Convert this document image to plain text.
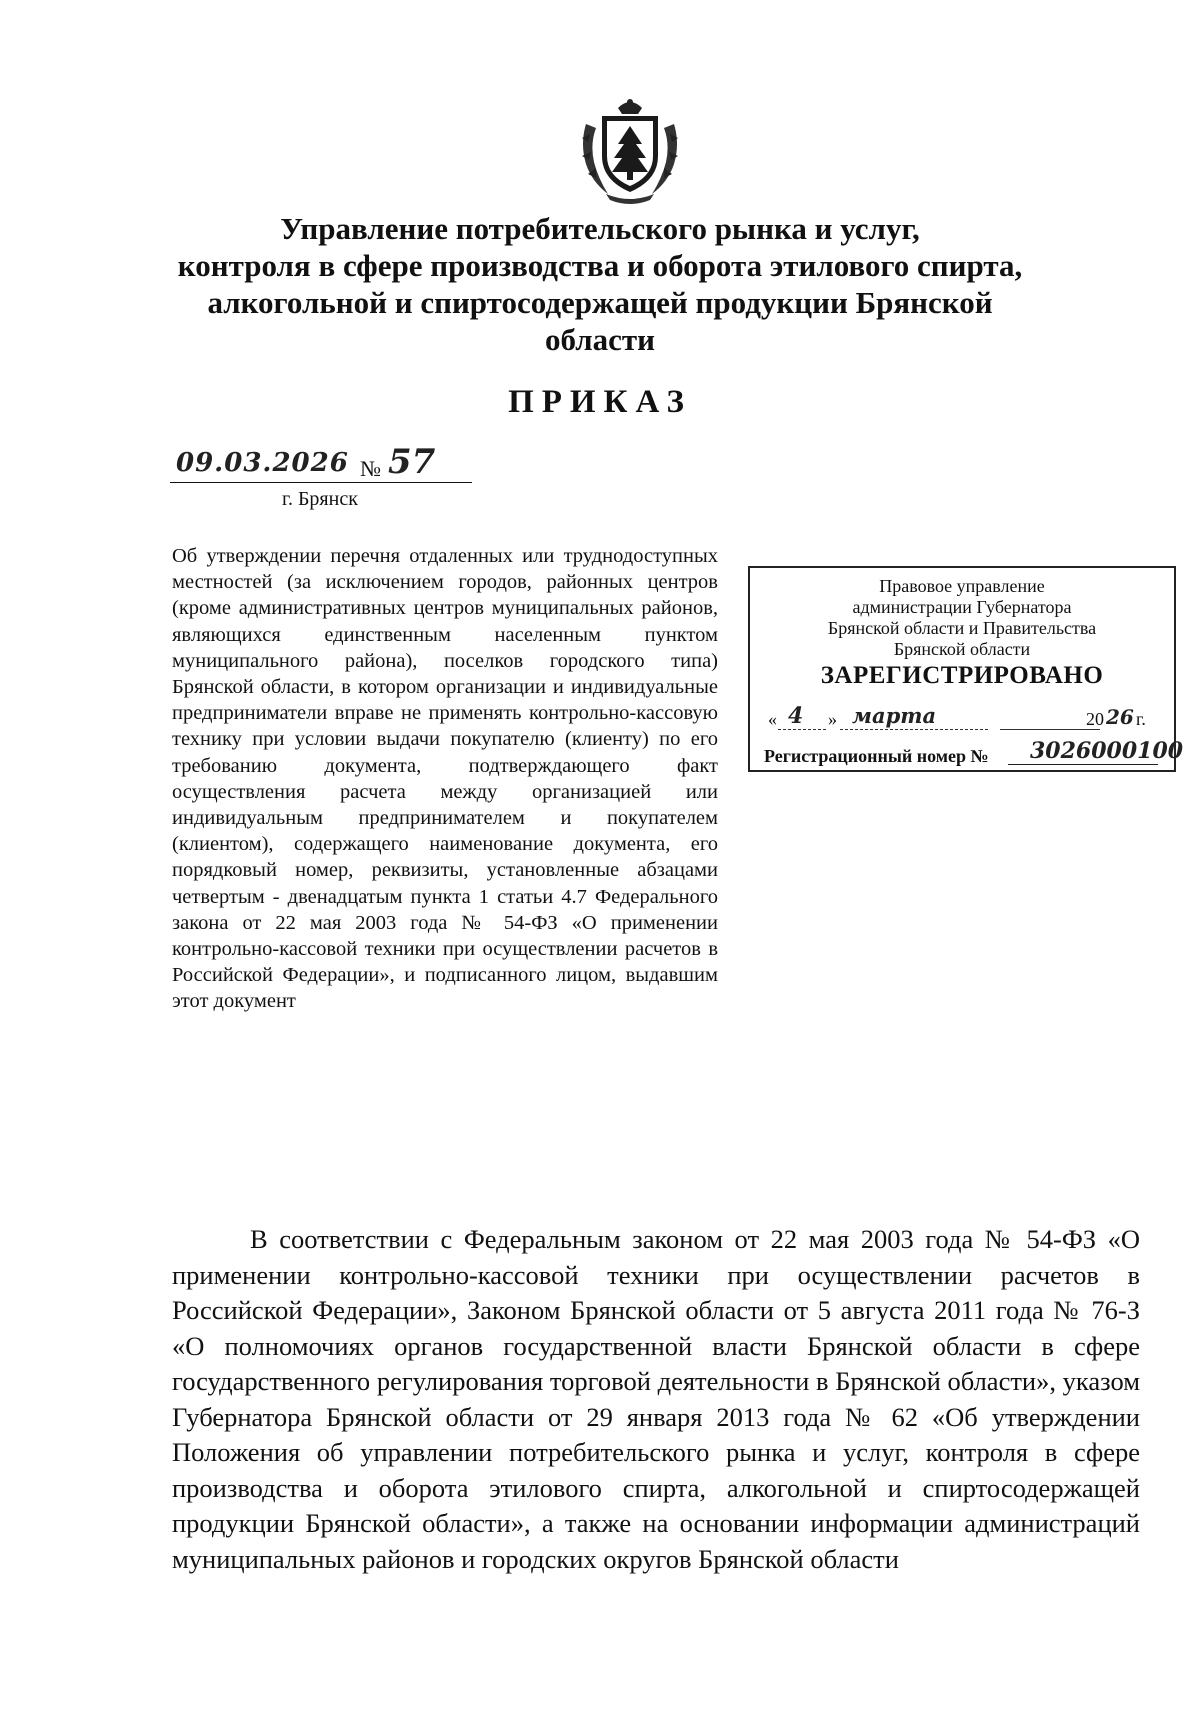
Управление потребительского рынка и услуг,
контроля в сфере производства и оборота этилового спирта,
алкогольной и спиртосодержащей продукции Брянской
области
ПРИКАЗ
09.03.2026 № 57
г. Брянск
Об утверждении перечня отдаленных или труднодоступных местностей (за исключением городов, районных центров (кроме административных центров муниципальных районов, являющихся единственным населенным пунктом муниципального района), поселков городского типа) Брянской области, в котором организации и индивидуальные предприниматели вправе не применять контрольно-кассовую технику при условии выдачи покупателю (клиенту) по его требованию документа, подтверждающего факт осуществления расчета между организацией или индивидуальным предпринимателем и покупателем (клиентом), содержащего наименование документа, его порядковый номер, реквизиты, установленные абзацами четвертым - двенадцатым пункта 1 статьи 4.7 Федерального закона от 22 мая 2003 года № 54-ФЗ «О применении контрольно-кассовой техники при осуществлении расчетов в Российской Федерации», и подписанного лицом, выдавшим этот документ
Правовое управление
администрации Губернатора
Брянской области и Правительства
Брянской области
ЗАРЕГИСТРИРОВАНО
« 4 » марта	20 26 г.
Регистрационный номер № 3026000100

В соответствии с Федеральным законом от 22 мая 2003 года № 54-ФЗ «О применении контрольно-кассовой техники при осуществлении расчетов в Российской Федерации», Законом Брянской области от 5 августа 2011 года № 76-З «О полномочиях органов государственной власти Брянской области в сфере государственного регулирования торговой деятельности в Брянской области», указом Губернатора Брянской области от 29 января 2013 года № 62 «Об утверждении Положения об управлении потребительского рынка и услуг, контроля в сфере производства и оборота этилового спирта, алкогольной и спиртосодержащей продукции Брянской области», а также на основании информации администраций муниципальных районов и городских округов Брянской области
